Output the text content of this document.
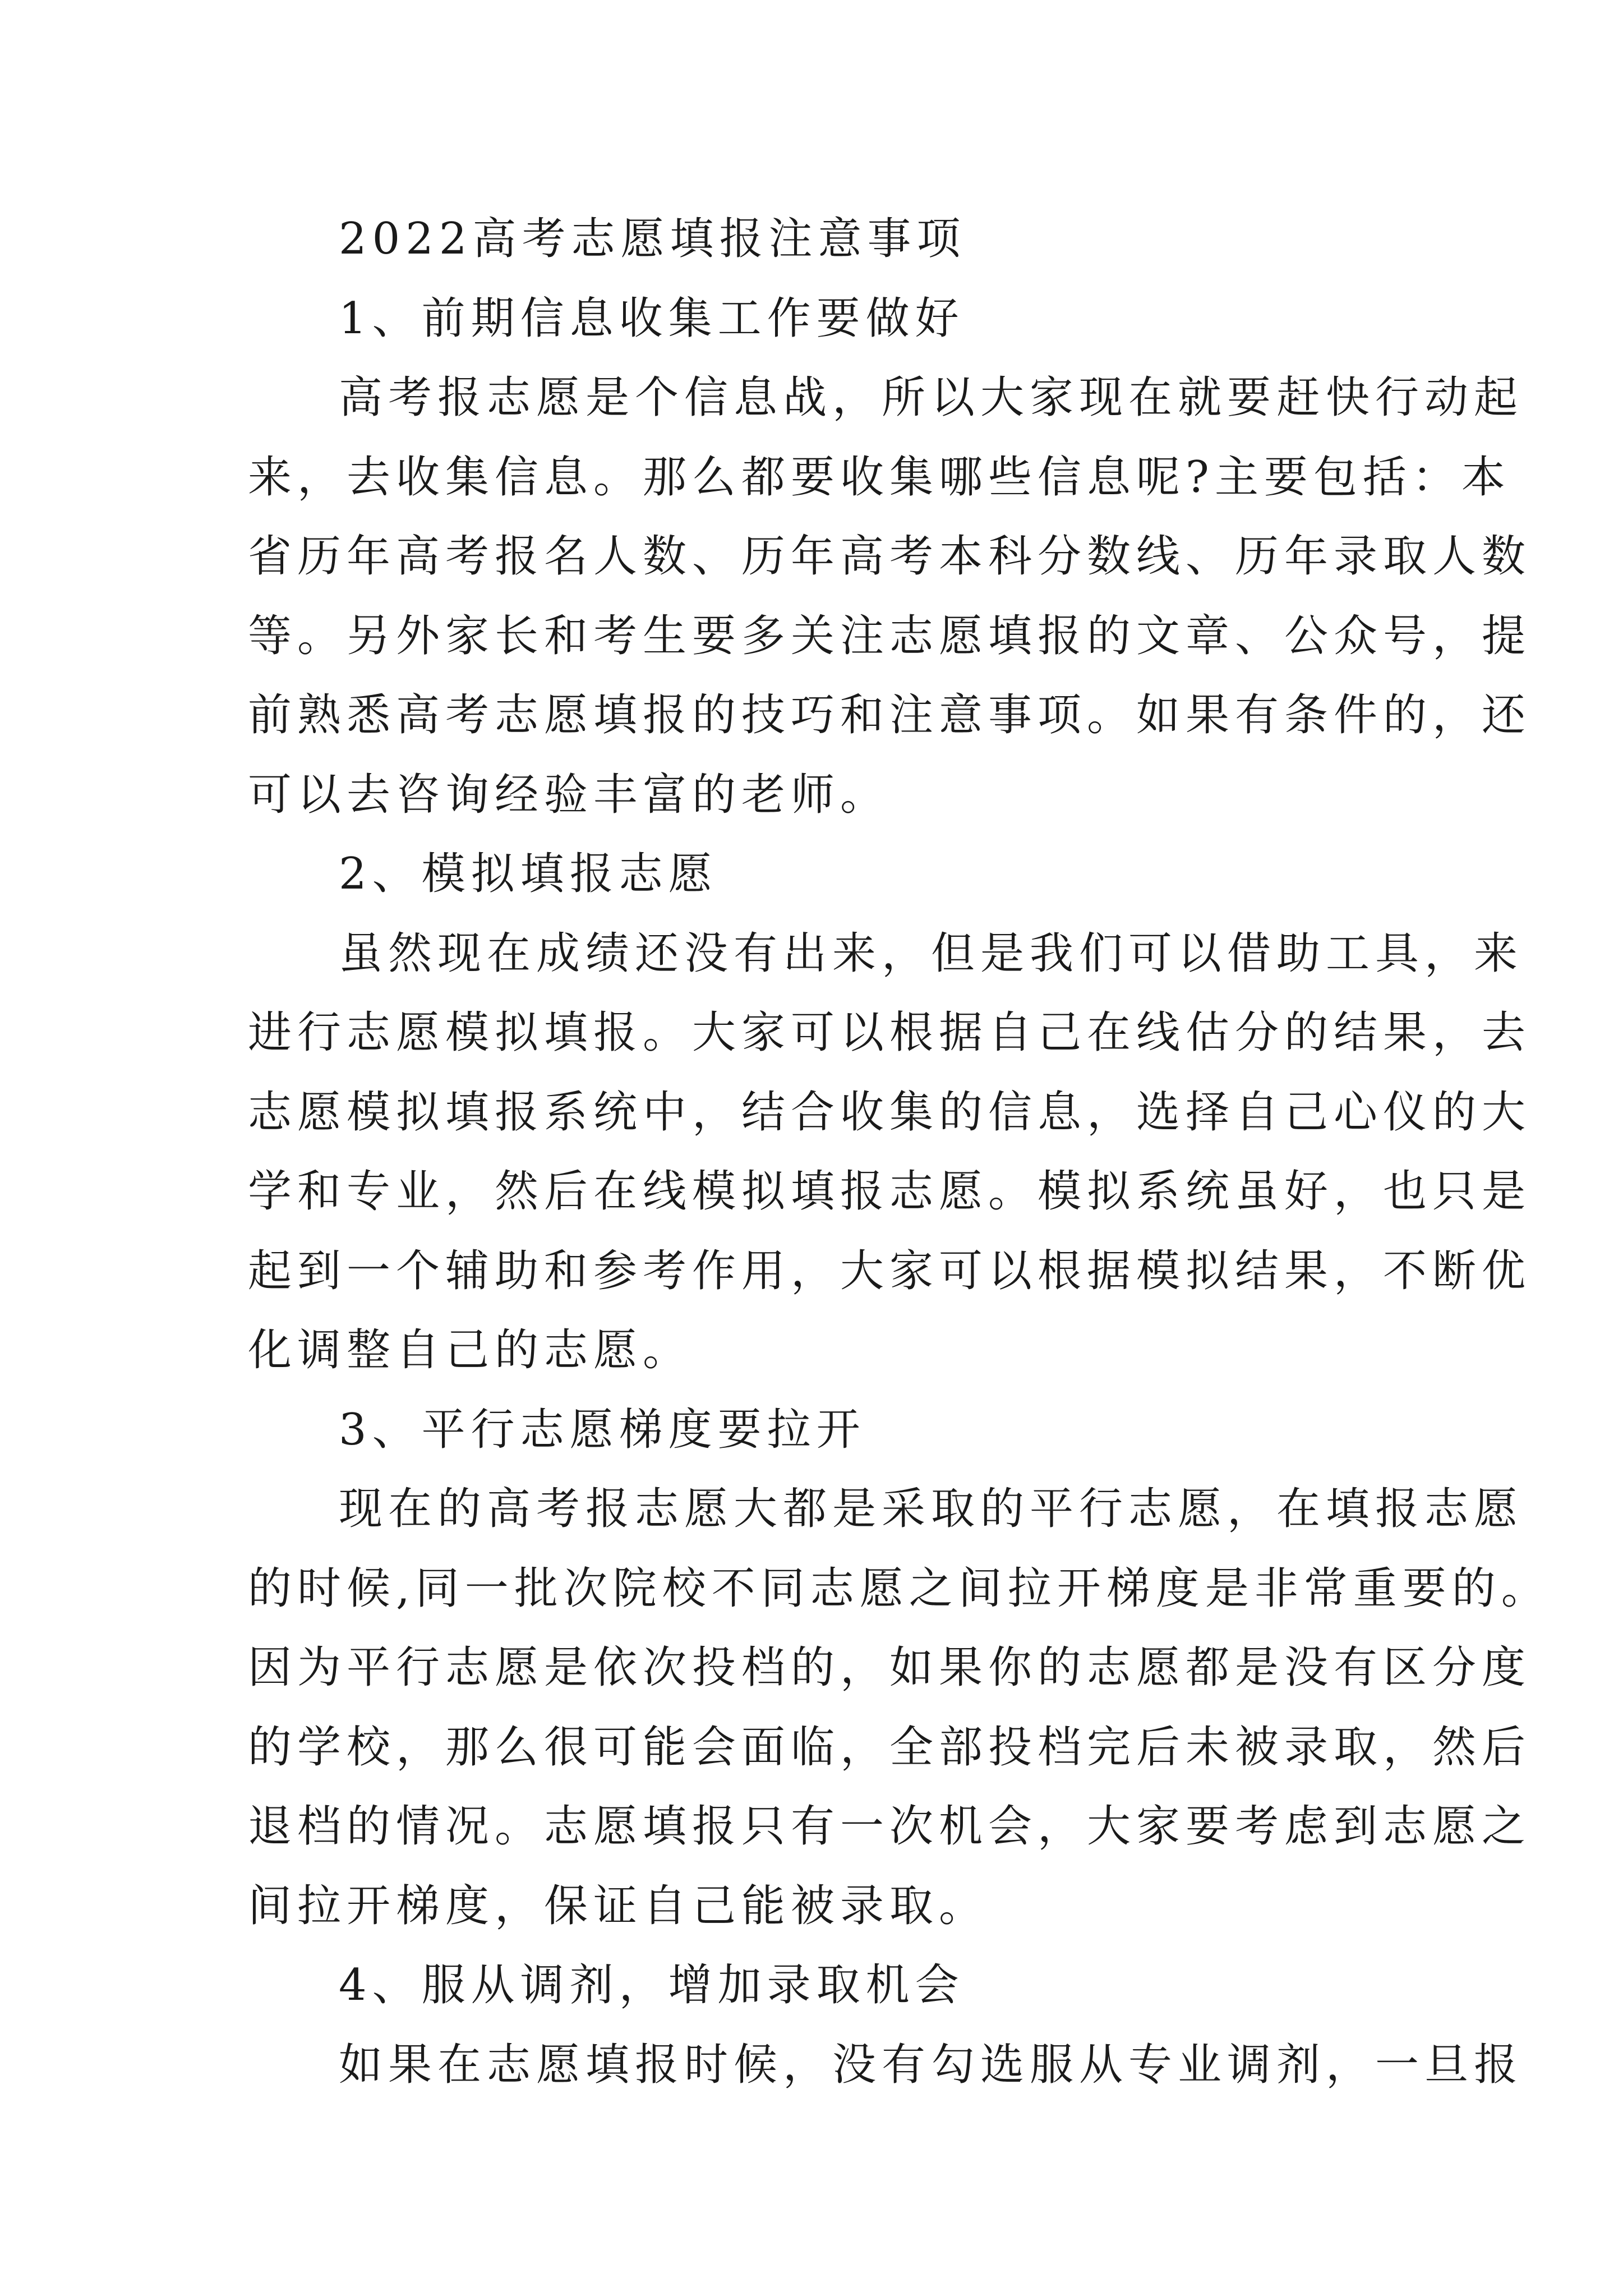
2022高考志愿填报注意事项
1、前期信息收集工作要做好
高考报志愿是个信息战，所以大家现在就要赶快行动起
来，去收集信息。那么都要收集哪些信息呢?主要包括：本
省历年高考报名人数、历年高考本科分数线、历年录取人数
等。另外家长和考生要多关注志愿填报的文章、公众号，提
前熟悉高考志愿填报的技巧和注意事项。如果有条件的，还
可以去咨询经验丰富的老师。
2、模拟填报志愿
虽然现在成绩还没有出来，但是我们可以借助工具，来
进行志愿模拟填报。大家可以根据自己在线估分的结果，去
志愿模拟填报系统中，结合收集的信息，选择自己心仪的大
学和专业，然后在线模拟填报志愿。模拟系统虽好，也只是
起到一个辅助和参考作用，大家可以根据模拟结果，不断优
化调整自己的志愿。
3、平行志愿梯度要拉开
现在的高考报志愿大都是采取的平行志愿，在填报志愿
的时候,同一批次院校不同志愿之间拉开梯度是非常重要的。
因为平行志愿是依次投档的，如果你的志愿都是没有区分度
的学校，那么很可能会面临，全部投档完后未被录取，然后
退档的情况。志愿填报只有一次机会，大家要考虑到志愿之
间拉开梯度，保证自己能被录取。
4、服从调剂，增加录取机会
如果在志愿填报时候，没有勾选服从专业调剂，一旦报
